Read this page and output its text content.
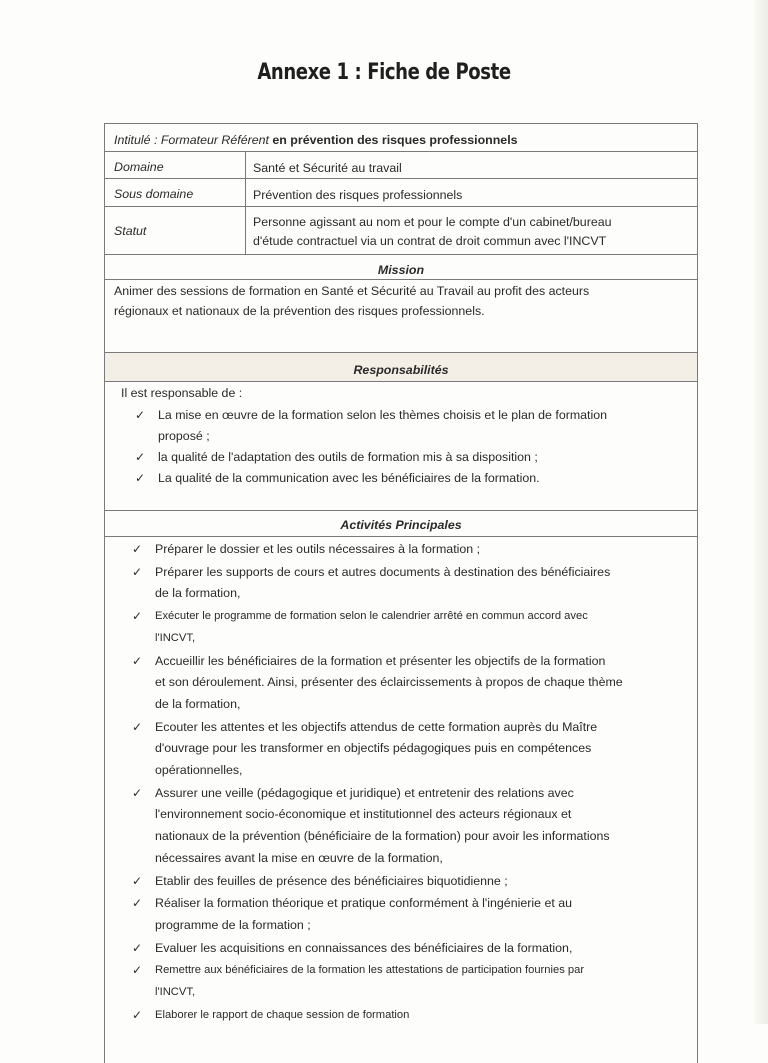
Annexe 1 : Fiche de Poste
Intitulé : Formateur Référent en prévention des risques professionnels
Domaine	Santé et Sécurité au travail
Sous domaine	Prévention des risques professionnels
Statut
Personne agissant au nom et pour le compte d'un cabinet/bureau
d'étude contractuel via un contrat de droit commun avec l'INCVT
Mission
Animer des sessions de formation en Santé et Sécurité au Travail au profit des acteurs
régionaux et nationaux de la prévention des risques professionnels.
Responsabilités
Il est responsable de :
✓ La mise en œuvre de la formation selon les thèmes choisis et le plan de formation
proposé ;
✓ la qualité de l'adaptation des outils de formation mis à sa disposition ;
✓ La qualité de la communication avec les bénéficiaires de la formation.
Activités Principales
✓ Préparer le dossier et les outils nécessaires à la formation ;
✓ Préparer les supports de cours et autres documents à destination des bénéficiaires
de la formation,
✓ Exécuter le programme de formation selon le calendrier arrêté en commun accord avec
l'INCVT,
✓ Accueillir les bénéficiaires de la formation et présenter les objectifs de la formation
et son déroulement. Ainsi, présenter des éclaircissements à propos de chaque thème
de la formation,
✓ Ecouter les attentes et les objectifs attendus de cette formation auprès du Maître
d'ouvrage pour les transformer en objectifs pédagogiques puis en compétences
opérationnelles,
✓ Assurer une veille (pédagogique et juridique) et entretenir des relations avec
l'environnement socio-économique et institutionnel des acteurs régionaux et
nationaux de la prévention (bénéficiaire de la formation) pour avoir les informations
nécessaires avant la mise en œuvre de la formation,
✓ Etablir des feuilles de présence des bénéficiaires biquotidienne ;
✓ Réaliser la formation théorique et pratique conformément à l'ingénierie et au
programme de la formation ;
✓ Evaluer les acquisitions en connaissances des bénéficiaires de la formation,
✓ Remettre aux bénéficiaires de la formation les attestations de participation fournies par
l'INCVT,
✓ Elaborer le rapport de chaque session de formation
